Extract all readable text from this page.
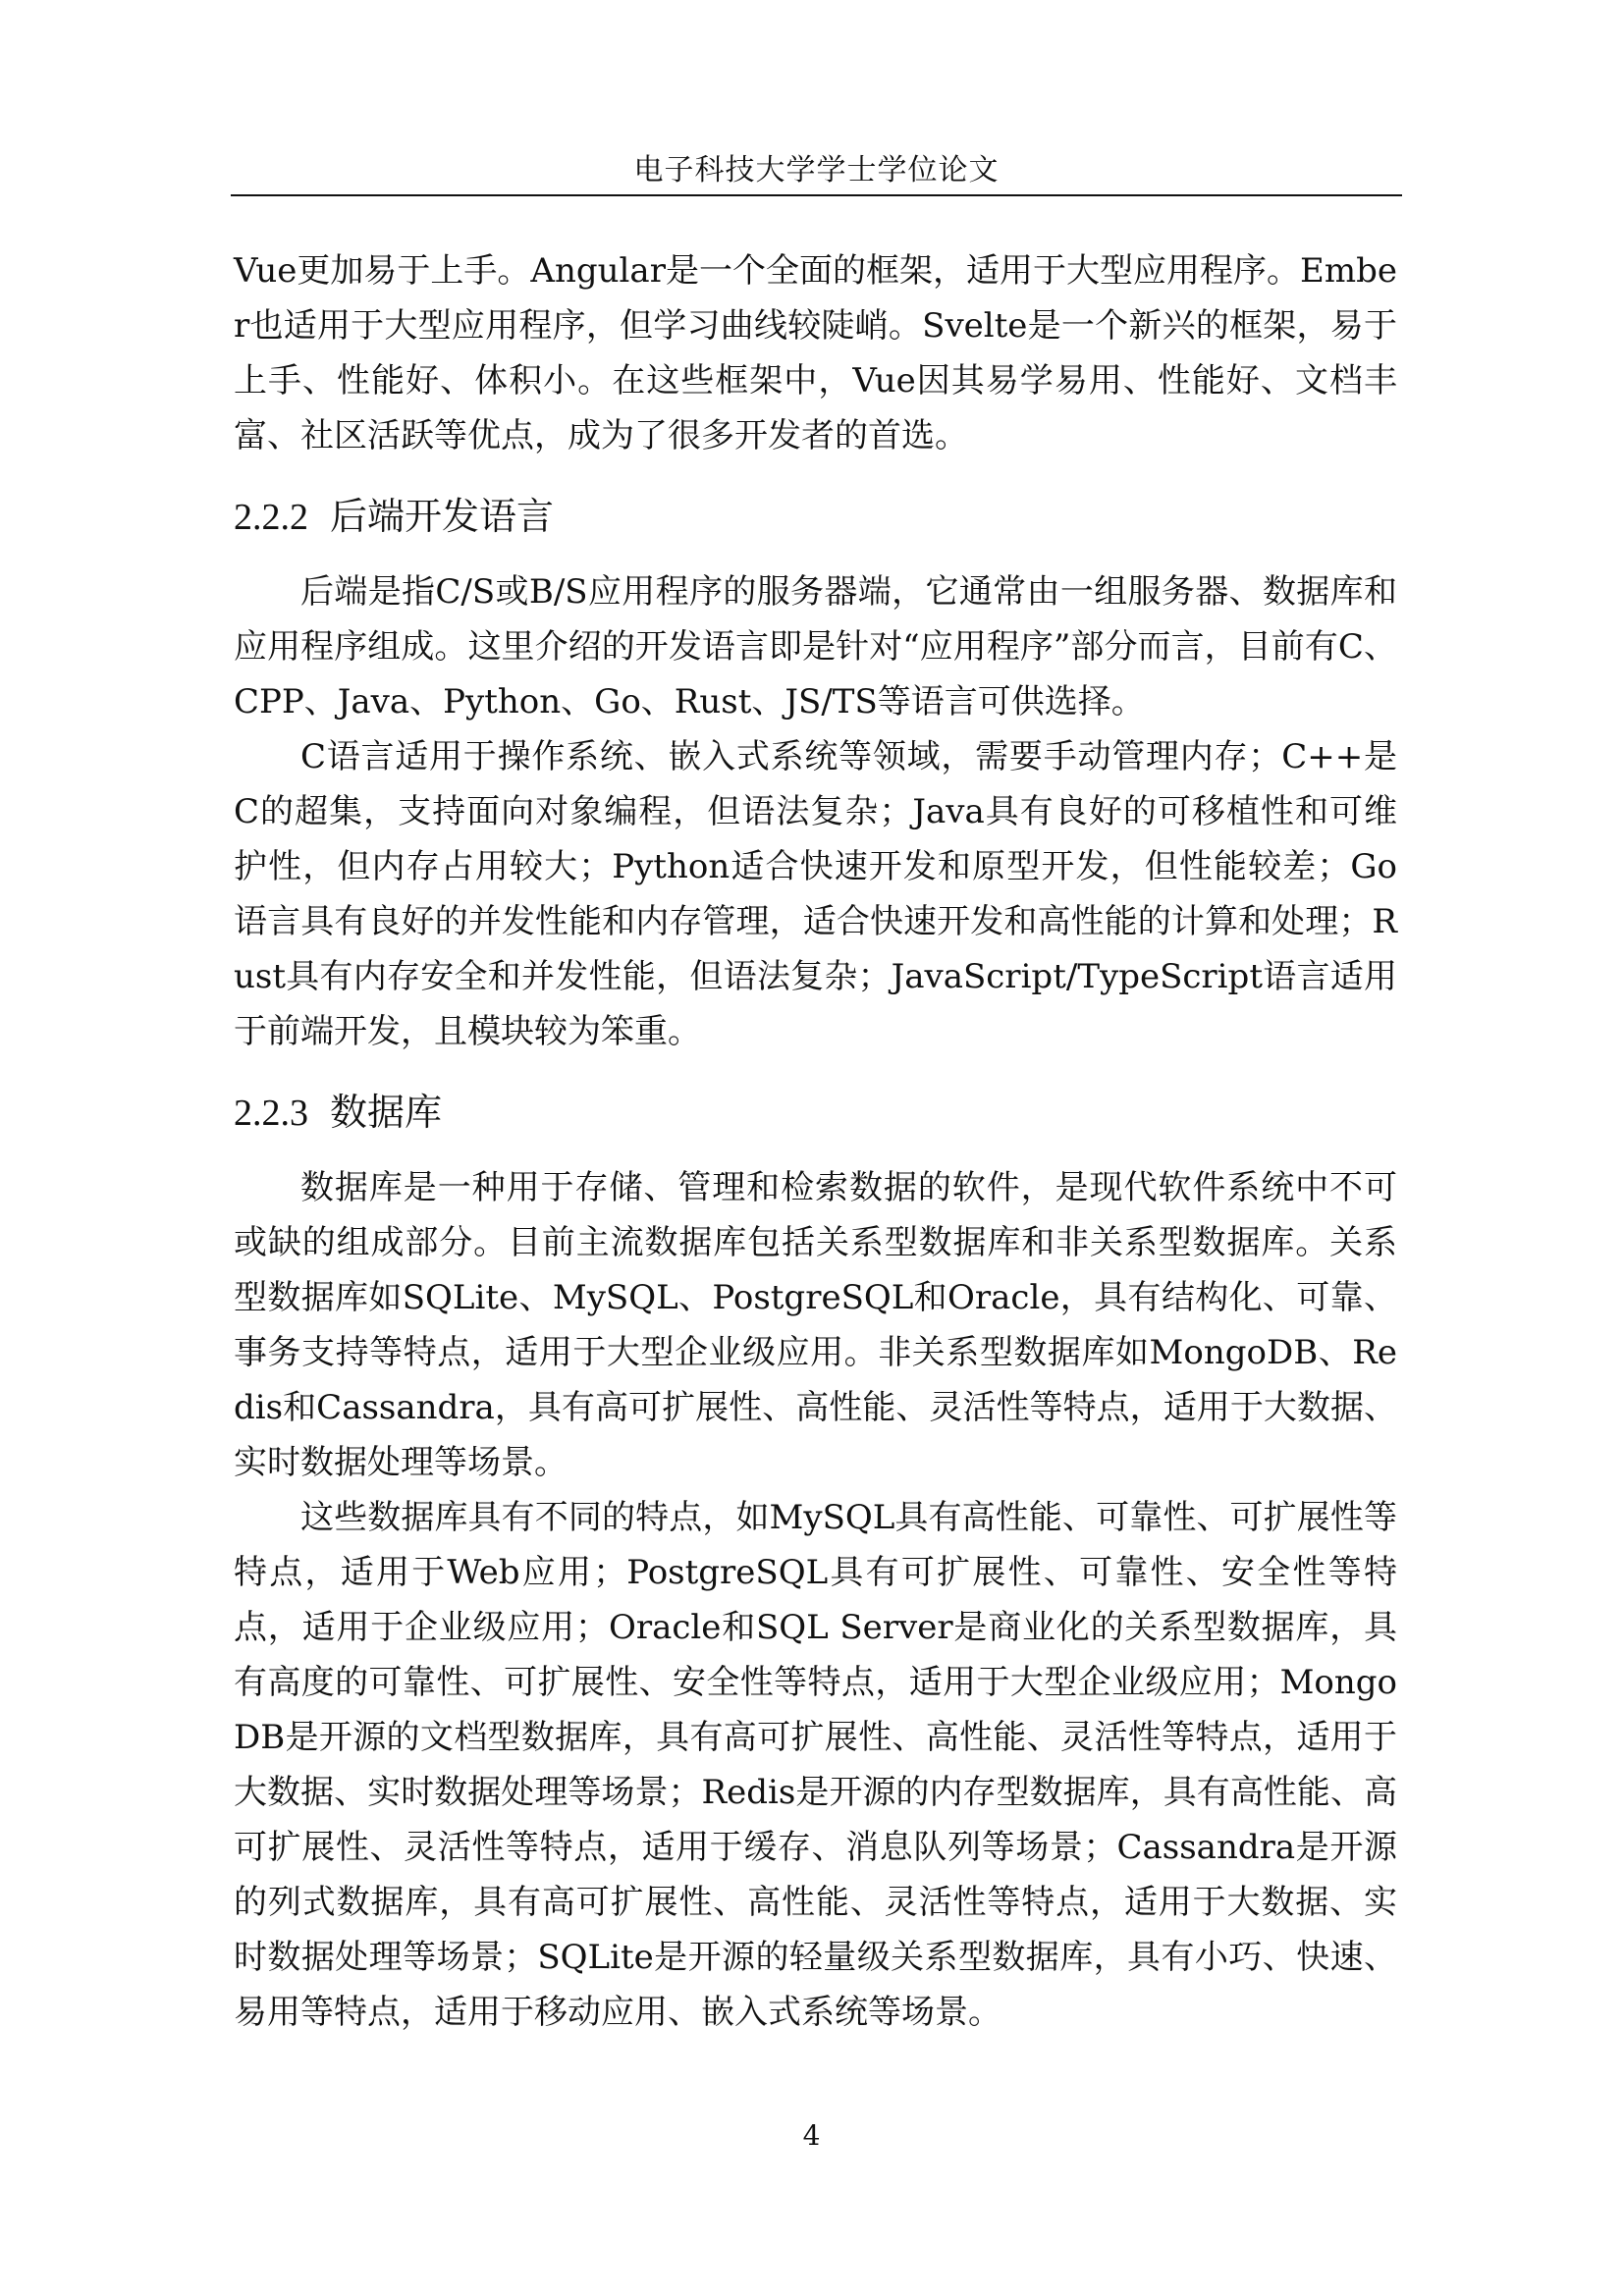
电子科技大学学士学位论文

Vue更加易于上手。Angular是一个全面的框架，适用于大型应用程序。Ember也适用于大型应用程序，但学习曲线较陡峭。Svelte是一个新兴的框架，易于上手、性能好、体积小。在这些框架中，Vue因其易学易用、性能好、文档丰富、社区活跃等优点，成为了很多开发者的首选。

2.2.2 后端开发语言

后端是指C/S或B/S应用程序的服务器端，它通常由一组服务器、数据库和应用程序组成。这里介绍的开发语言即是针对“应用程序”部分而言，目前有C、CPP、Java、Python、Go、Rust、JS/TS等语言可供选择。

C语言适用于操作系统、嵌入式系统等领域，需要手动管理内存；C++是C的超集，支持面向对象编程，但语法复杂；Java具有良好的可移植性和可维护性，但内存占用较大；Python适合快速开发和原型开发，但性能较差；Go语言具有良好的并发性能和内存管理，适合快速开发和高性能的计算和处理；Rust具有内存安全和并发性能，但语法复杂；JavaScript/TypeScript语言适用于前端开发，且模块较为笨重。

2.2.3 数据库

数据库是一种用于存储、管理和检索数据的软件，是现代软件系统中不可或缺的组成部分。目前主流数据库包括关系型数据库和非关系型数据库。关系型数据库如SQLite、MySQL、PostgreSQL和Oracle，具有结构化、可靠、事务支持等特点，适用于大型企业级应用。非关系型数据库如MongoDB、Redis和Cassandra，具有高可扩展性、高性能、灵活性等特点，适用于大数据、实时数据处理等场景。

这些数据库具有不同的特点，如MySQL具有高性能、可靠性、可扩展性等特点，适用于Web应用；PostgreSQL具有可扩展性、可靠性、安全性等特点，适用于企业级应用；Oracle和SQL Server是商业化的关系型数据库，具有高度的可靠性、可扩展性、安全性等特点，适用于大型企业级应用；MongoDB是开源的文档型数据库，具有高可扩展性、高性能、灵活性等特点，适用于大数据、实时数据处理等场景；Redis是开源的内存型数据库，具有高性能、高可扩展性、灵活性等特点，适用于缓存、消息队列等场景；Cassandra是开源的列式数据库，具有高可扩展性、高性能、灵活性等特点，适用于大数据、实时数据处理等场景；SQLite是开源的轻量级关系型数据库，具有小巧、快速、易用等特点，适用于移动应用、嵌入式系统等场景。

4
